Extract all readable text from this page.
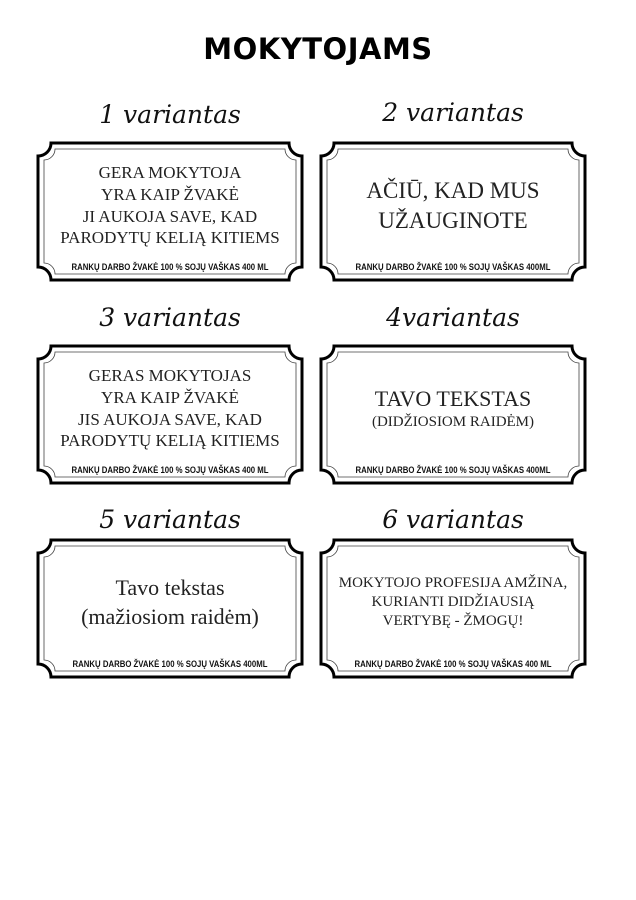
MOKYTOJAMS
1 variantas
GERA MOKYTOJA
YRA KAIP ŽVAKĖ
JI AUKOJA SAVE, KAD
PARODYTŲ KELIĄ KITIEMS
RANKŲ DARBO ŽVAKĖ 100 % SOJŲ VAŠKAS 400 ML
2 variantas
AČIŪ, KAD MUS
UŽAUGINOTE
RANKŲ DARBO ŽVAKĖ 100 % SOJŲ VAŠKAS 400ML
3 variantas
GERAS MOKYTOJAS
YRA KAIP ŽVAKĖ
JIS AUKOJA SAVE, KAD
PARODYTŲ KELIĄ KITIEMS
RANKŲ DARBO ŽVAKĖ 100 % SOJŲ VAŠKAS 400 ML
4variantas
TAVO TEKSTAS
(DIDŽIOSIOM RAIDĖM)
RANKŲ DARBO ŽVAKĖ 100 % SOJŲ VAŠKAS 400ML
5 variantas
Tavo tekstas
(mažiosiom raidėm)
RANKŲ DARBO ŽVAKĖ 100 % SOJŲ VAŠKAS 400ML
6 variantas
MOKYTOJO PROFESIJA AMŽINA,
KURIANTI DIDŽIAUSIĄ
VERTYBĘ - ŽMOGŲ!
RANKŲ DARBO ŽVAKĖ 100 % SOJŲ VAŠKAS 400 ML
